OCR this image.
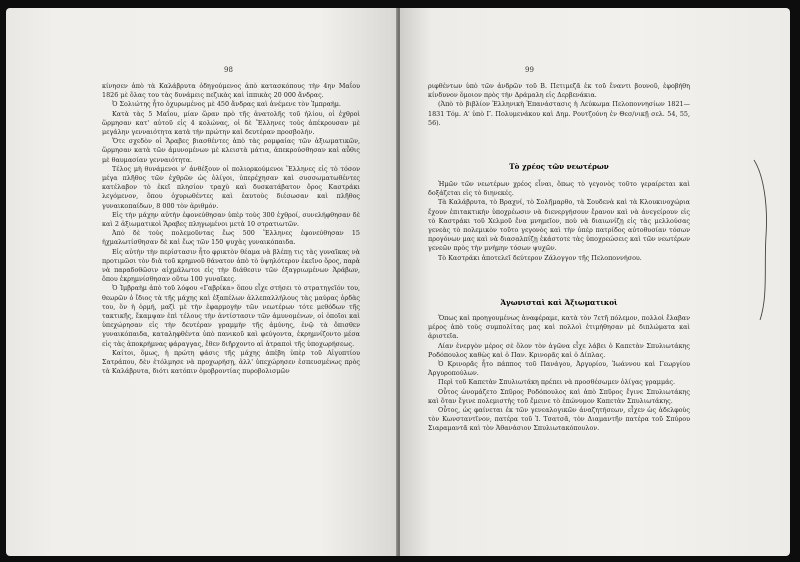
98

κίνησεν ἀπὸ τὰ Καλάβρυτα ὁδηγούμενος ἀπὸ κατασκόπους τὴν 4ην Μαΐου 1826 μὲ ὅλας του τὰς δυνάμεις πεζικὰς καὶ ἱππικὰς 20 000 ἄνδρας.

Ὁ Σολιώτης ἦτο ὀχυρωμένος μὲ 450 ἄνδρας καὶ ἀνέμενε τὸν Ἰμπραήμ.

Κατὰ τὰς 5 Μαΐου, μίαν ὥραν πρὸ τῆς ἀνατολῆς τοῦ ἡλίου, οἱ ἐχθροὶ ὥρμησαν κατ' αὐτοῦ εἰς 4 κολώνας, οἱ δὲ Ἕλληνες τοὺς ἀπέκρουσαν μὲ μεγάλην γενναιότητα κατὰ τὴν πρώτην καὶ δευτέραν προσβολήν.

Ὅτε σχεδὸν οἱ Ἄραβες βιασθέντες ἀπὸ τὰς ρομφαίας τῶν ἀξιωματικῶν, ὥρμησαν κατὰ τῶν ἀμυνομένων μὲ κλειστὰ μάτια, ἀπεκρούσθησαν καὶ αὖθις μὲ θαυμασίαν γενναιότητα.

Τέλος μὴ θυνάμενοι ν' ἀνθέξουν οἱ πολιορκούμενοι Ἕλληνες εἰς τὸ τόσον μέγα πλῆθος τῶν ἐχθρῶν ὡς ὀλίγοι, ὑπερέχησαν καὶ συσσωματωθέντες κατέλαβον τὸ ἐκεῖ πλησίον τραχὺ καὶ δυσκατάβατον ὄρος Καστράκι λεγόμενον, ὅπου ὀχυρωθέντες καὶ ἑαυτοὺς διέσωσαν καὶ πλῆθος γυναικοπαίδων, 8 000 τὸν ἀριθμόν.

Εἰς τὴν μάχην αὐτὴν ἐφονεύθησαν ὑπὲρ τοὺς 300 ἐχθροί, συνελήφθησαν δὲ καὶ 2 ἀξιωματικοὶ Ἄραβες πληγωμένοι μετὰ 10 στρατιωτῶν.

Ἀπὸ δὲ τοὺς πολεμοῦντας ἕως 500 Ἕλληνες ἐφονεύθησαν 15 ἠχμαλωτίσθησαν δὲ καὶ ἕως τῶν 150 ψυχὰς γυναικόπαιδα.

Εἰς αὐτὴν τὴν περίστασιν ἦτο φρικτὸν θέαμα νὰ βλέπῃ τις τὰς γυναῖκας νὰ προτιμῶσι τὸν διὰ τοῦ κρημνοῦ θάνατον ἀπὸ τὸ ὑψηλότερον ἐκεῖνο ὄρος, παρὰ νὰ παραδοθῶσιν αἰχμάλωτοι εἰς τὴν διάθεσιν τῶν ἐξαγριωμένων Ἀράβων, ὅπου ἐκρημνίσθησαν οὕτω 100 γυναῖκες.

Ὁ Ἰμβραὴμ ἀπὸ τοῦ λόφου «Γαβρίκα» ὅπου εἶχε στήσει τὸ στρατηγεῖόν του, θεωρῶν ὁ ἴδιος τὰ τῆς μάχης καὶ ἐξαπέλων ἀλλεπαλλήλους τὰς μαύρας ὁρδὰς του, ὅν ἡ ὁρμή, μαζὶ μὲ τὴν ἐφαρμογὴν τῶν νεωτέρων τότε μεθόδων τῆς τακτικῆς, ἔκαμψαν ἐπὶ τέλους τὴν ἀντίστασιν τῶν ἀμυνομένων, οἱ ὁποῖοι καὶ ὑπεχώρησαν εἰς τὴν δευτέραν γραμμὴν τῆς ἀμύνης, ἐνῷ τὰ ὄπισθεν γυναικόπαιδα, καταληφθέντα ὑπὸ πανικοῦ καὶ φεύγοντα, ἐκρημνίζοντο μέσα εἰς τὰς ἀποκρήμνας φάραγγας, ἔθεν διῆρχοντο αἱ ἀτραποὶ τῆς ὑποχωρήσεως.

Καίτοι, ὅμως, ἡ πρώτη φάσις τῆς μάχης ἀπέβη ὑπὲρ τοῦ Αἰγυπτίου Σατράπου, δὲν ἐτόλμησε νὰ προχωρήσῃ, ἀλλ' ὑπεχώρησεν ἐσπευσμένως πρὸς τὰ Καλάβρυτα, διότι κατόπιν ὁμοβροντίας πυροβολισμῶν

99

ριφθέντων ὑπὸ τῶν ἀνδρῶν τοῦ Β. Πετιμεζᾶ ἐκ τοῦ ἔναντι βουνοῦ, ἐφοβήθη κίνδυνον ὅμοιον πρὸς τὴν Δράμαλη εἰς Δερβενάκια.

(Ἀπὸ τὸ βιβλίον Ἑλληνικὴ Ἐπανάστασις ἡ Λεύκωμα Πελοποννησίων 1821—1831 Τόμ. Α' ὑπὸ Γ. Πολυμενάκου καὶ Δημ. Ρουτζούνη ἐν Θεσ/νικῇ σελ. 54, 55, 56).

Τὸ χρέος τῶν νεωτέρων

Ἡμῶν τῶν νεωτέρων χρέος εἶναι, ὅπως τὸ γεγονὸς τοῦτο γεραίρεται καὶ δοξάζεται εἰς τὸ διηνεκές.

Τὰ Καλάβρυτα, τὸ Βραχνί, τὸ Σολῆμαρθο, τὰ Σουδενὰ καὶ τὰ Κλουκινοχώρια ἔχουν ἐπιτακτικὴν ὑποχρέωσιν νὰ διενεργήσουν ἔρανον καὶ νὰ ἀνεγείρουν εἰς τὸ Καστράκι τοῦ Χελμοῦ ἕνα μνημεῖον, ποὺ νὰ διαιωνίζῃ εἰς τὰς μελλούσας γενεὰς τὸ πολεμικὸν τοῦτο γεγονὸς καὶ τὴν ὑπὲρ πατρίδος αὐτοθυσίαν τόσων προγόνων μας καὶ νὰ διασαλπίζῃ ἐκάστοτε τὰς ὑποχρεώσεις καὶ τῶν νεωτέρων γενεῶν πρὸς τὴν μνήμην τόσων ψυχῶν.

Τὸ Καστράκι ἀποτελεῖ δεύτερον Ζάλογγον τῆς Πελοποννήσου.

Ἀγωνισταὶ καὶ Ἀξιωματικοὶ

Ὅπως καὶ προηγουμένως ἀναφέραμε, κατὰ τὸν 7ετῆ πόλεμον, πολλοὶ ἔλαβαν μέρος ἀπὸ τοὺς συμπολίτας μας καὶ πολλοὶ ἐτιμήθησαν μὲ διπλώματα καὶ ἀριστεῖα.

Λίαν ἐνεργὸν μέρος σὲ ὅλον τὸν ἀγῶνα εἶχε λάβει ὁ Καπετὰν Σπυλιωτάκης Ροδόπουλος καθὼς καὶ ὁ Παν. Κρινορᾶς καὶ ὁ Δίπλας.

Ὁ Κρινορᾶς ἦτο πάππος τοῦ Πανάγου, Ἀργυρίου, Ἰωάννου καὶ Γεωργίου Ἀργυροπούλων.

Περὶ τοῦ Καπετὰν Σπυλιωτάκη πρέπει νὰ προσθέσωμεν ὀλίγας γραμμάς.

Οὗτος ὠνομάζετο Σπῦρος Ροδόπουλος καὶ ἀπὸ Σπῦρος ἔγινε Σπυλιωτάκης καὶ ὅταν ἔγινε πολεμιστὴς τοῦ ἔμεινε τὸ ἐπώνυμον Καπετὰν Σπυλιωτάκης.

Οὗτος, ὡς φαίνεται ἐκ τῶν γενεαλογικῶν ἀναζητήσεων, εἶχεν ὡς ἀδελφοὺς τὸν Κωνσταντῖνον, πατέρα τοῦ Ἰ. Τσατσᾶ, τὸν Διαμαντῆν πατέρα τοῦ Σπύρου Σιαραμαντᾶ καὶ τὸν Ἀθανάσιον Σπυλιωτακόπουλον.
